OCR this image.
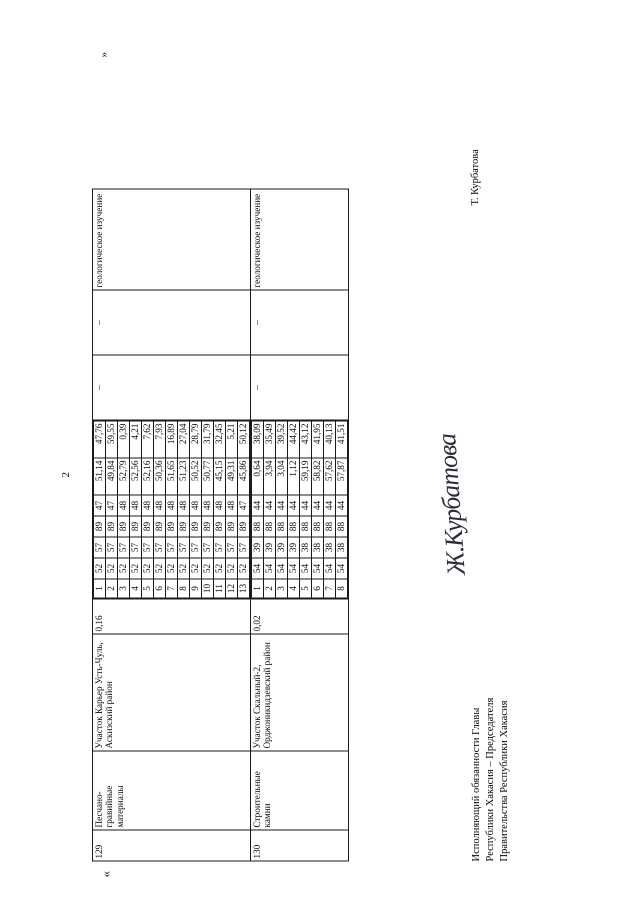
«
»
2
129	Песчано-гравийные материалы	Участок Карьер Усть-Чуль, Аскизский район	0,16	
1	52	57	89	47	51,14	47,76
2	52	57	89	47	49,84	59,55
3	52	57	89	48	52,79	0,39
4	52	57	89	48	52,56	4,21
5	52	57	89	48	52,16	7,62
6	52	57	89	48	50,36	7,93
7	52	57	89	48	51,65	16,89
8	52	57	89	48	51,23	27,04
9	52	57	89	48	50,52	28,79
10	52	57	89	48	50,77	31,79
11	52	57	89	48	45,15	32,45
12	52	57	89	48	49,31	5,21
13	52	57	89	47	45,86	50,12
	–	–	геологическое изучение
130	Строительные камни	Участок Скальный-2, Орджоникидзевский район	0,02	
1	54	39	88	44	0,64	38,09
2	54	39	88	44	3,94	35,49
3	54	39	88	44	3,04	39,52
4	54	39	88	44	1,12	44,42
5	54	38	88	44	59,19	43,12
6	54	38	88	44	58,82	41,95
7	54	38	88	44	57,62	40,13
8	54	38	88	44	57,87	41,51
	–	–	геологическое изучение
Исполняющий обязанности Главы Республики Хакасия – Председателя Правительства Республики Хакасия
Ж.Курбатова
Т. Курбатова
